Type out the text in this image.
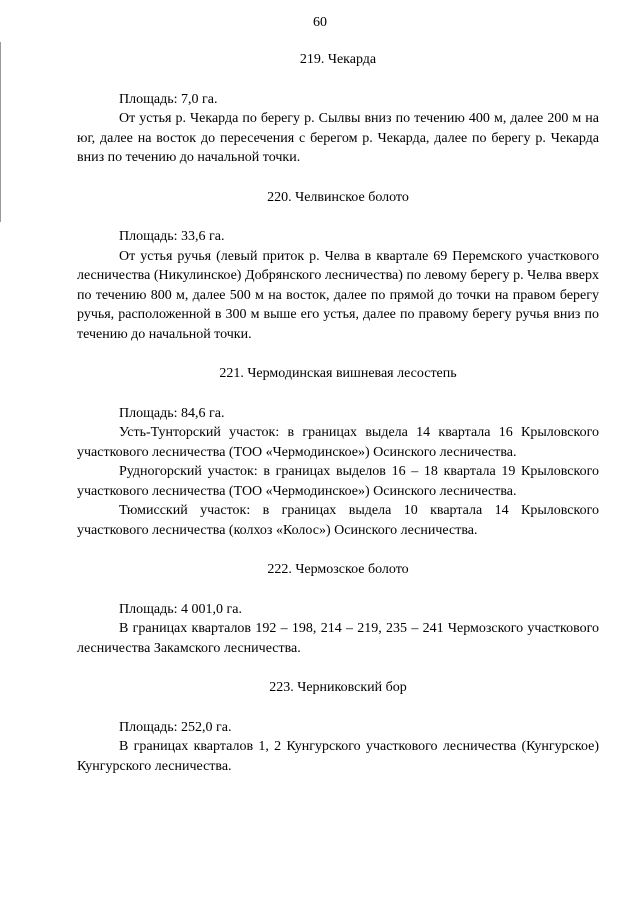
60

219. Чекарда

Площадь: 7,0 га.

От устья р. Чекарда по берегу р. Сылвы вниз по течению 400 м, далее 200 м на юг, далее на восток до пересечения с берегом р. Чекарда, далее по берегу р. Чекарда вниз по течению до начальной точки.

220. Челвинское болото

Площадь: 33,6 га.

От устья ручья (левый приток р. Челва в квартале 69 Перемского участкового лесничества (Никулинское) Добрянского лесничества) по левому берегу р. Челва вверх по течению 800 м, далее 500 м на восток, далее по прямой до точки на правом берегу ручья, расположенной в 300 м выше его устья, далее по правому берегу ручья вниз по течению до начальной точки.

221. Чермодинская вишневая лесостепь

Площадь: 84,6 га.

Усть-Тунторский участок: в границах выдела 14 квартала 16 Крыловского участкового лесничества (ТОО «Чермодинское») Осинского лесничества.

Рудногорский участок: в границах выделов 16 – 18 квартала 19 Крыловского участкового лесничества (ТОО «Чермодинское») Осинского лесничества.

Тюмисский участок: в границах выдела 10 квартала 14 Крыловского участкового лесничества (колхоз «Колос») Осинского лесничества.

222. Чермозское болото

Площадь: 4 001,0 га.

В границах кварталов 192 – 198, 214 – 219, 235 – 241 Чермозского участкового лесничества Закамского лесничества.

223. Черниковский бор

Площадь: 252,0 га.

В границах кварталов 1, 2 Кунгурского участкового лесничества (Кунгурское) Кунгурского лесничества.
